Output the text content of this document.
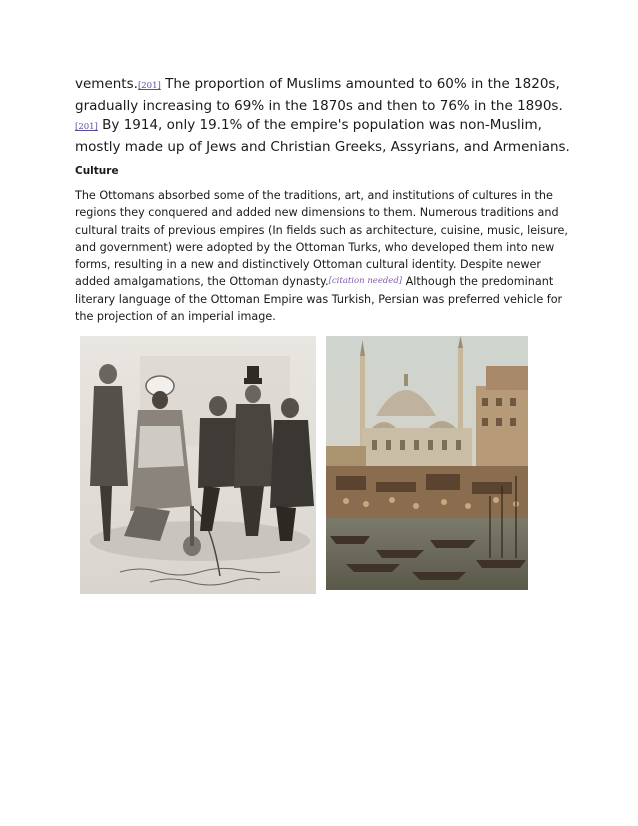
vements.[201] The proportion of Muslims amounted to 60% in the 1820s, gradually increasing to 69% in the 1870s and then to 76% in the 1890s.[201] By 1914, only 19.1% of the empire's population was non-Muslim, mostly made up of Jews and Christian Greeks, Assyrians, and Armenians.

Culture

The Ottomans absorbed some of the traditions, art, and institutions of cultures in the regions they conquered and added new dimensions to them. Numerous traditions and cultural traits of previous empires (In fields such as architecture, cuisine, music, leisure, and government) were adopted by the Ottoman Turks, who developed them into new forms, resulting in a new and distinctively Ottoman cultural identity. Despite newer added amalgamations, the Ottoman dynasty.[citation needed] Although the predominant literary language of the Ottoman Empire was Turkish, Persian was preferred vehicle for the projection of an imperial image.
